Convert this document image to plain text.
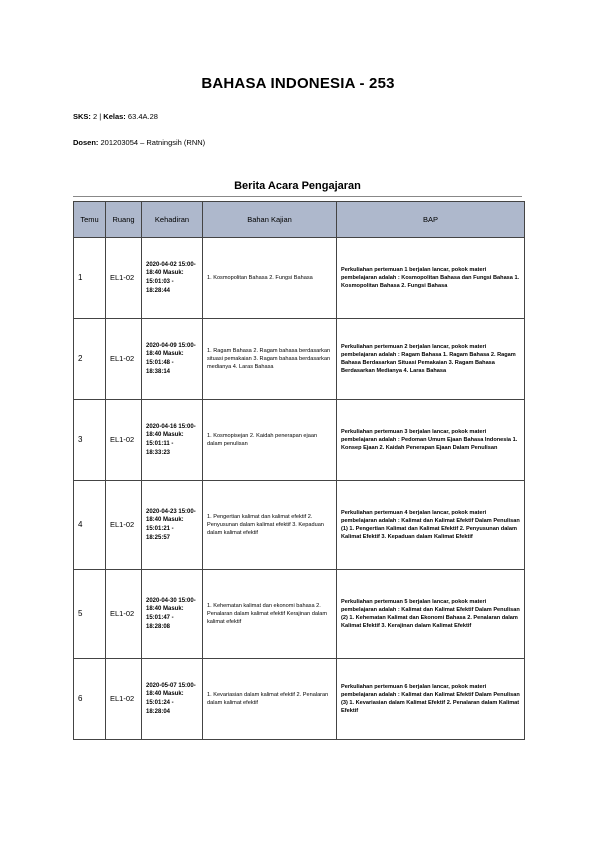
BAHASA INDONESIA - 253
SKS: 2 | Kelas: 63.4A.28
Dosen: 201203054 – Ratningsih (RNN)
Berita Acara Pengajaran
Temu	Ruang	Kehadiran	Bahan Kajian	BAP
1	EL1-02	2020-04-02 15:00-18:40 Masuk: 15:01:03 - 18:28:44	1. Kosmopolitan Bahasa 2. Fungsi Bahasa	Perkuliahan pertemuan 1 berjalan lancar, pokok materi pembelajaran adalah : Kosmopolitan Bahasa dan Fungsi Bahasa 1. Kosmopolitan Bahasa 2. Fungsi Bahasa
2	EL1-02	2020-04-09 15:00-18:40 Masuk: 15:01:48 - 18:38:14	1. Ragam Bahasa 2. Ragam bahasa berdasarkan situasi pemakaian 3. Ragam bahasa berdasarkan medianya 4. Laras Bahasa	Perkuliahan pertemuan 2 berjalan lancar, pokok materi pembelajaran adalah : Ragam Bahasa 1. Ragam Bahasa 2. Ragam Bahasa Berdasarkan Situasi Pemakaian 3. Ragam Bahasa Berdasarkan Medianya 4. Laras Bahasa
3	EL1-02	2020-04-16 15:00-18:40 Masuk: 15:01:11 - 18:33:23	1. Kosmopisejan 2. Kaidah penerapan ejaan dalam penulisan	Perkuliahan pertemuan 3 berjalan lancar, pokok materi pembelajaran adalah : Pedoman Umum Ejaan Bahasa Indonesia 1. Konsep Ejaan 2. Kaidah Penerapan Ejaan Dalam Penulisan
4	EL1-02	2020-04-23 15:00-18:40 Masuk: 15:01:21 - 18:25:57	1. Pengertian kalimat dan kalimat efektif 2. Penyusunan dalam kalimat efektif 3. Kepaduan dalam kalimat efektif	Perkuliahan pertemuan 4 berjalan lancar, pokok materi pembelajaran adalah : Kalimat dan Kalimat Efektif Dalam Penulisan (1) 1. Pengertian Kalimat dan Kalimat Efektif 2. Penyusunan dalam Kalimat Efektif 3. Kepaduan dalam Kalimat Efektif
5	EL1-02	2020-04-30 15:00-18:40 Masuk: 15:01:47 - 18:28:08	1. Kehematan kalimat dan ekonomi bahasa 2. Penalaran dalam kalimat efektif Kerajinan dalam kalimat efektif	Perkuliahan pertemuan 5 berjalan lancar, pokok materi pembelajaran adalah : Kalimat dan Kalimat Efektif Dalam Penulisan (2) 1. Kehematan Kalimat dan Ekonomi Bahasa 2. Penalaran dalam Kalimat Efektif 3. Kerajinan dalam Kalimat Efektif
6	EL1-02	2020-05-07 15:00-18:40 Masuk: 15:01:24 - 18:28:04	1. Kevariasian dalam kalimat efektif 2. Penalaran dalam kalimat efektif	Perkuliahan pertemuan 6 berjalan lancar, pokok materi pembelajaran adalah : Kalimat dan Kalimat Efektif Dalam Penulisan (3) 1. Kevariasian dalam Kalimat Efektif 2. Penalaran dalam Kalimat Efektif
